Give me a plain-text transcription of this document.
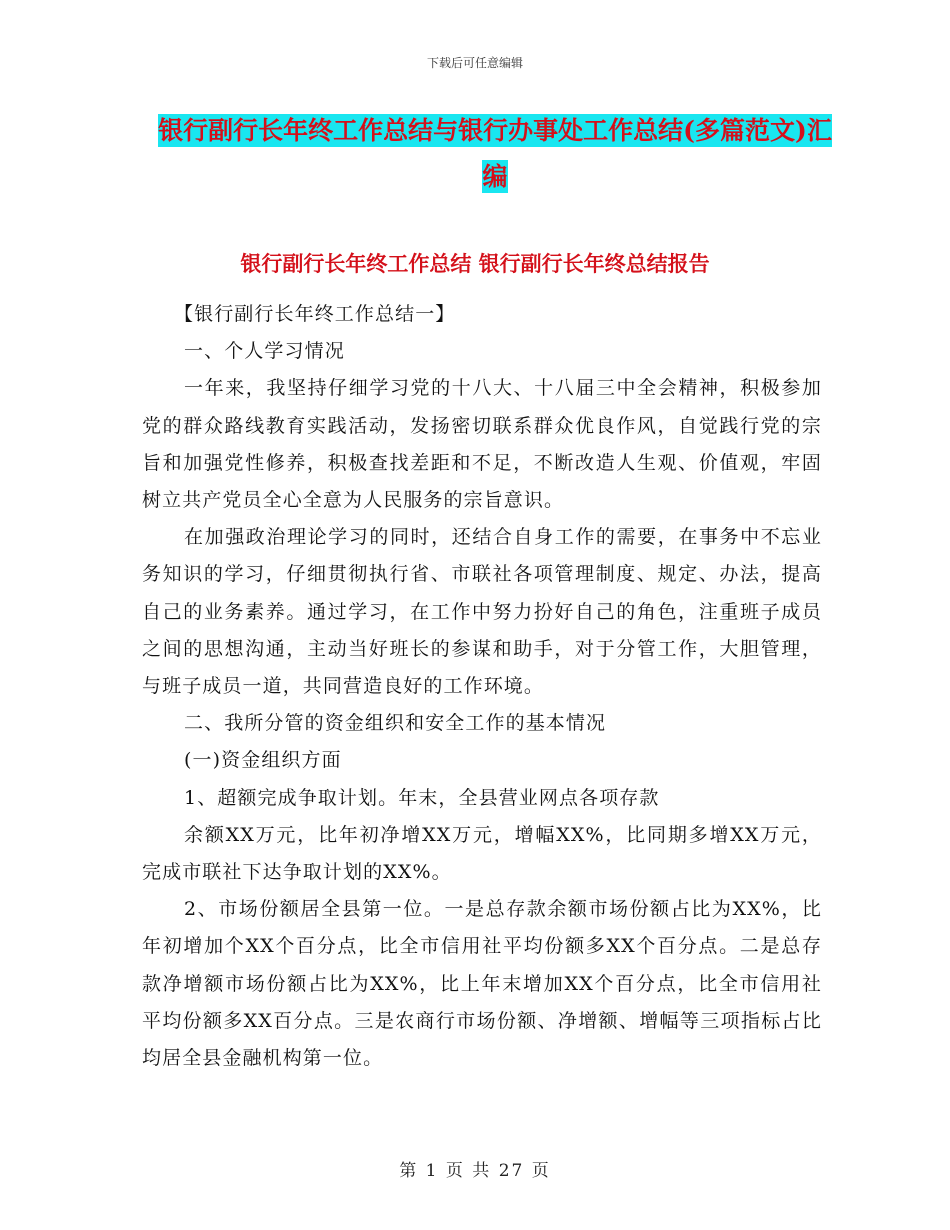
下载后可任意编辑
银行副行长年终工作总结与银行办事处工作总结(多篇范文)汇编
银行副行长年终工作总结 银行副行长年终总结报告

【银行副行长年终工作总结一】

一、个人学习情况

一年来，我坚持仔细学习党的十八大、十八届三中全会精神，积极参加党的群众路线教育实践活动，发扬密切联系群众优良作风，自觉践行党的宗旨和加强党性修养，积极查找差距和不足，不断改造人生观、价值观，牢固树立共产党员全心全意为人民服务的宗旨意识。

在加强政治理论学习的同时，还结合自身工作的需要，在事务中不忘业务知识的学习，仔细贯彻执行省、市联社各项管理制度、规定、办法，提高自己的业务素养。通过学习，在工作中努力扮好自己的角色，注重班子成员之间的思想沟通，主动当好班长的参谋和助手，对于分管工作，大胆管理，与班子成员一道，共同营造良好的工作环境。

二、我所分管的资金组织和安全工作的基本情况

(一)资金组织方面

1、超额完成争取计划。年末，全县营业网点各项存款

余额XX万元，比年初净增XX万元，增幅XX%，比同期多增XX万元，完成市联社下达争取计划的XX%。

2、市场份额居全县第一位。一是总存款余额市场份额占比为XX%，比年初增加个XX个百分点，比全市信用社平均份额多XX个百分点。二是总存款净增额市场份额占比为XX%，比上年末增加XX个百分点，比全市信用社平均份额多XX百分点。三是农商行市场份额、净增额、增幅等三项指标占比均居全县金融机构第一位。

第 1 页 共 27 页
